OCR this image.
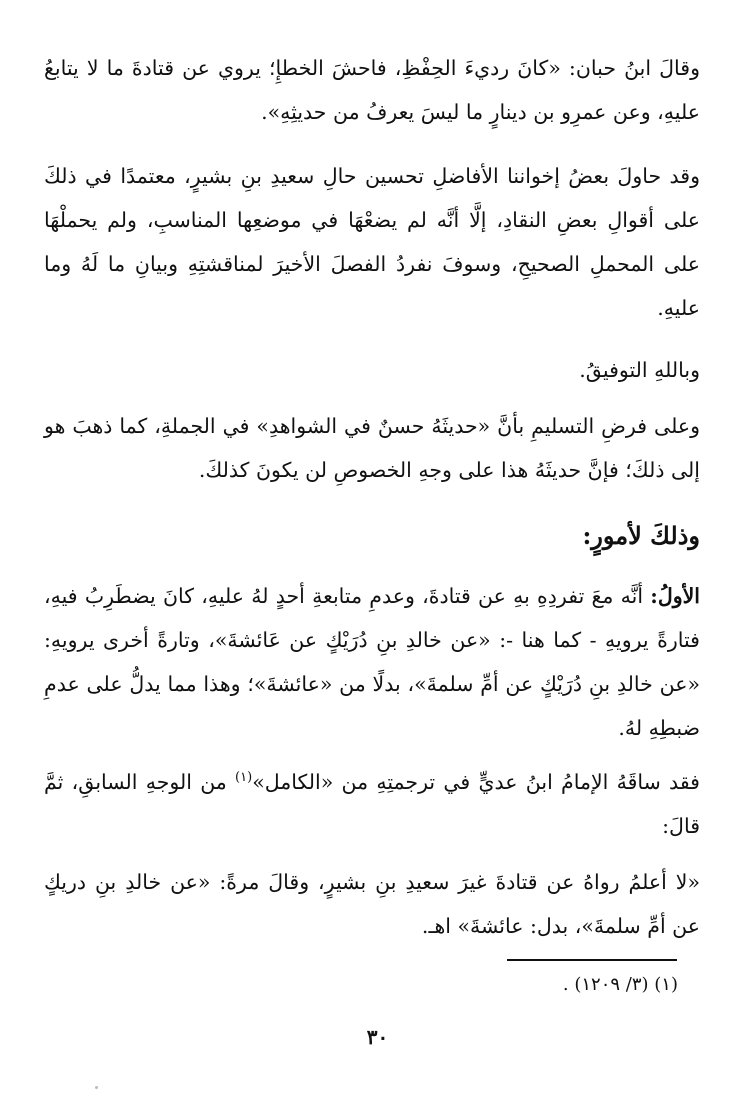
وقالَ ابنُ حبان: «كانَ رديءَ الحِفْظِ، فاحشَ الخطإِ؛ يروي عن قتادةَ ما لا يتابعُ عليهِ، وعن عمرِو بن دينارٍ ما ليسَ يعرفُ من حديثِهِ».

وقد حاولَ بعضُ إخواننا الأفاضلِ تحسين حالِ سعيدِ بنِ بشيرٍ، معتمدًا في ذلكَ على أقوالِ بعضِ النقادِ، إلَّا أنَّه لم يضعْهَا في موضعِها المناسبِ، ولم يحملْهَا على المحملِ الصحيحِ، وسوفَ نفردُ الفصلَ الأخيرَ لمناقشتِهِ وبيانِ ما لَهُ وما عليهِ.

وباللهِ التوفيقُ.

وعلى فرضِ التسليمِ بأنَّ «حديثَهُ حسنٌ في الشواهدِ» في الجملةِ، كما ذهبَ هو إلى ذلكَ؛ فإنَّ حديثَهُ هذا على وجهِ الخصوصِ لن يكونَ كذلكَ.

وذلكَ لأمورٍ:

الأولُ: أنَّه معَ تفردِهِ بهِ عن قتادةَ، وعدمِ متابعةِ أحدٍ لهُ عليهِ، كانَ يضطَرِبُ فيهِ، فتارةً يرويهِ - كما هنا -: «عن خالدِ بنِ دُرَيْكٍ عن عَائشةَ»، وتارةً أخرى يرويهِ: «عن خالدِ بنِ دُرَيْكٍ عن أمِّ سلمةَ»، بدلًا من «عائشةَ»؛ وهذا مما يدلُّ على عدمِ ضبطِهِ لهُ.

فقد ساقَهُ الإمامُ ابنُ عديٍّ في ترجمتِهِ من «الكامل»$^{(١)}$ من الوجهِ السابقِ، ثمَّ قالَ:

«لا أعلمُ رواهُ عن قتادةَ غيرَ سعيدِ بنِ بشيرٍ، وقالَ مرةً: «عن خالدِ بنِ دريكٍ عن أمِّ سلمةَ»، بدل: عائشةَ» اهـ.

(١) (٣/ ١٢٠٩) .
٣٠
